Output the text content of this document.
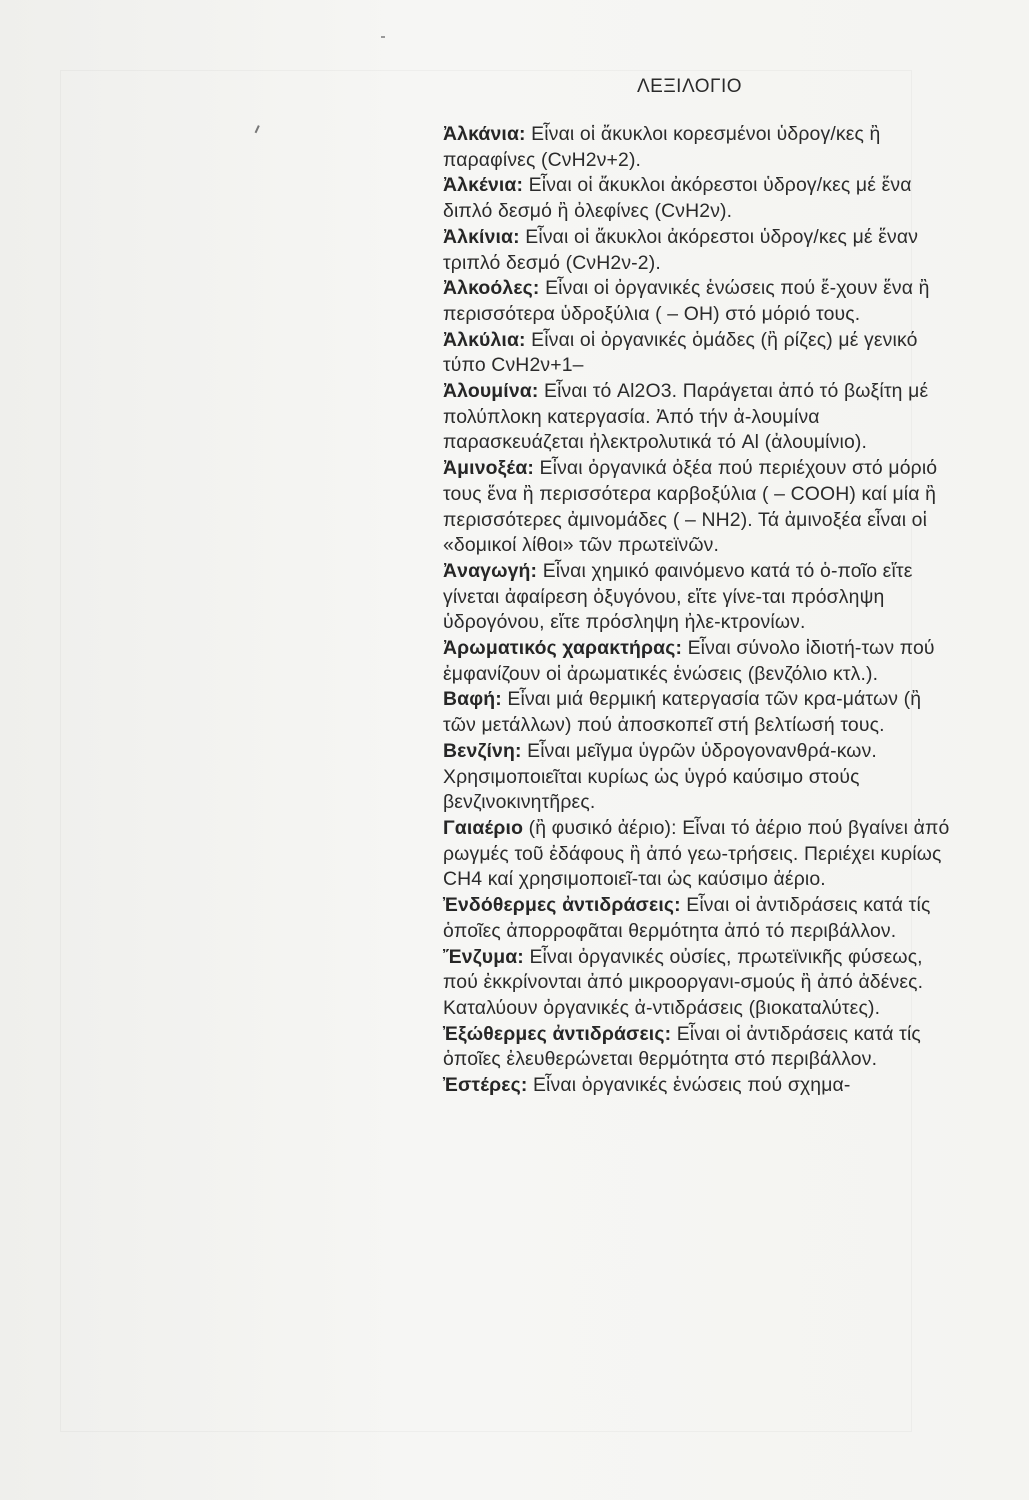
ΛΕΞΙΛΟΓΙΟ

Ἀλκάνια: Εἶναι οἱ ἄκυκλοι κορεσμένοι ὑδρογ/κες ἢ παραφίνες (CνH2ν+2).

Ἀλκένια: Εἶναι οἱ ἄκυκλοι ἀκόρεστοι ὑδρογ/κες μέ ἕνα διπλό δεσμό ἢ ὀλεφίνες (CνH2ν).

Ἀλκίνια: Εἶναι οἱ ἄκυκλοι ἀκόρεστοι ὑδρογ/κες μέ ἕναν τριπλό δεσμό (CνH2ν-2).

Ἀλκοόλες: Εἶναι οἱ ὀργανικές ἑνώσεις πού ἔ-χουν ἕνα ἢ περισσότερα ὑδροξύλια ( – OH) στό μόριό τους.

Ἀλκύλια: Εἶναι οἱ ὀργανικές ὁμάδες (ἢ ρίζες) μέ γενικό τύπο CνH2ν+1–

Ἀλουμίνα: Εἶναι τό Al2O3. Παράγεται ἀπό τό βωξίτη μέ πολύπλοκη κατεργασία. Ἀπό τήν ἀ-λουμίνα παρασκευάζεται ἠλεκτρολυτικά τό Al (ἀλουμίνιο).

Ἀμινοξέα: Εἶναι ὀργανικά ὀξέα πού περιέχουν στό μόριό τους ἕνα ἢ περισσότερα καρβοξύλια ( – COOH) καί μία ἢ περισσότερες ἀμινομάδες ( – NH2). Τά ἀμινοξέα εἶναι οἱ «δομικοί λίθοι» τῶν πρωτεϊνῶν.

Ἀναγωγή: Εἶναι χημικό φαινόμενο κατά τό ὁ-ποῖο εἴτε γίνεται ἀφαίρεση ὀξυγόνου, εἴτε γίνε-ται πρόσληψη ὑδρογόνου, εἴτε πρόσληψη ἠλε-κτρονίων.

Ἀρωματικός χαρακτήρας: Εἶναι σύνολο ἰδιοτή-των πού ἐμφανίζουν οἱ ἀρωματικές ἑνώσεις (βενζόλιο κτλ.).

Βαφή: Εἶναι μιά θερμική κατεργασία τῶν κρα-μάτων (ἢ τῶν μετάλλων) πού ἀποσκοπεῖ στή βελτίωσή τους.

Βενζίνη: Εἶναι μεῖγμα ὑγρῶν ὑδρογονανθρά-κων. Χρησιμοποιεῖται κυρίως ὡς ὑγρό καύσιμο στούς βενζινοκινητῆρες.

Γαιαέριο (ἢ φυσικό ἀέριο): Εἶναι τό ἀέριο πού βγαίνει ἀπό ρωγμές τοῦ ἐδάφους ἢ ἀπό γεω-τρήσεις. Περιέχει κυρίως CH4 καί χρησιμοποιεῖ-ται ὡς καύσιμο ἀέριο.

Ἐνδόθερμες ἀντιδράσεις: Εἶναι οἱ ἀντιδράσεις κατά τίς ὁποῖες ἀπορροφᾶται θερμότητα ἀπό τό περιβάλλον.

Ἔνζυμα: Εἶναι ὀργανικές οὐσίες, πρωτεϊνικῆς φύσεως, πού ἐκκρίνονται ἀπό μικροοργανι-σμούς ἢ ἀπό ἀδένες. Καταλύουν ὀργανικές ἀ-ντιδράσεις (βιοκαταλύτες).

Ἐξώθερμες ἀντιδράσεις: Εἶναι οἱ ἀντιδράσεις κατά τίς ὁποῖες ἐλευθερώνεται θερμότητα στό περιβάλλον.

Ἐστέρες: Εἶναι ὀργανικές ἑνώσεις πού σχημα-
